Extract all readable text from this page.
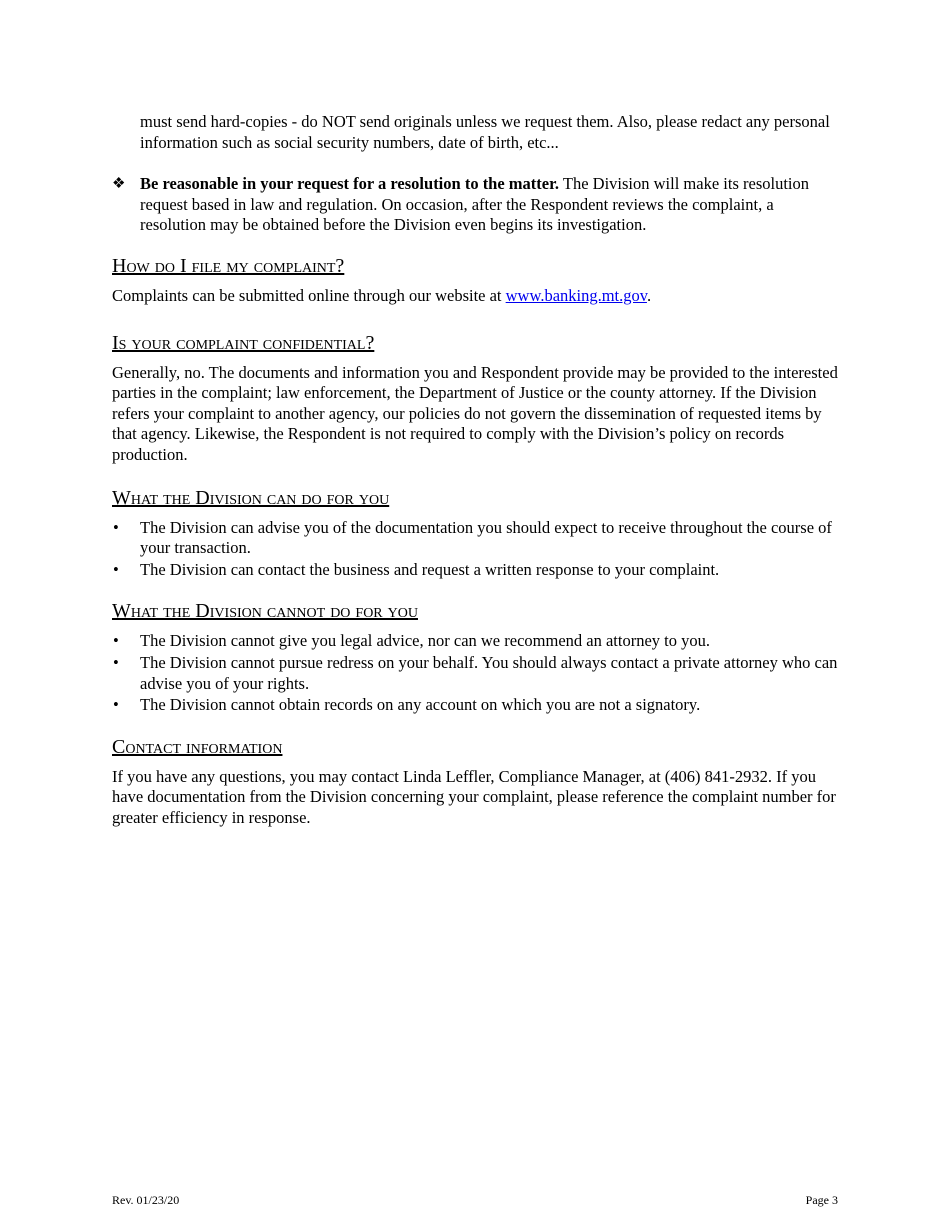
must send hard-copies - do NOT send originals unless we request them. Also, please redact any personal information such as social security numbers, date of birth, etc...
❖ Be reasonable in your request for a resolution to the matter. The Division will make its resolution request based in law and regulation. On occasion, after the Respondent reviews the complaint, a resolution may be obtained before the Division even begins its investigation.
How do I file my complaint?
Complaints can be submitted online through our website at www.banking.mt.gov.
Is your complaint confidential?
Generally, no. The documents and information you and Respondent provide may be provided to the interested parties in the complaint; law enforcement, the Department of Justice or the county attorney. If the Division refers your complaint to another agency, our policies do not govern the dissemination of requested items by that agency. Likewise, the Respondent is not required to comply with the Division’s policy on records production.
What the Division can do for you
• The Division can advise you of the documentation you should expect to receive throughout the course of your transaction.
• The Division can contact the business and request a written response to your complaint.
What the Division cannot do for you
• The Division cannot give you legal advice, nor can we recommend an attorney to you.
• The Division cannot pursue redress on your behalf. You should always contact a private attorney who can advise you of your rights.
• The Division cannot obtain records on any account on which you are not a signatory.
Contact information
If you have any questions, you may contact Linda Leffler, Compliance Manager, at (406) 841-2932. If you have documentation from the Division concerning your complaint, please reference the complaint number for greater efficiency in response.
Rev. 01/23/20	Page 3
